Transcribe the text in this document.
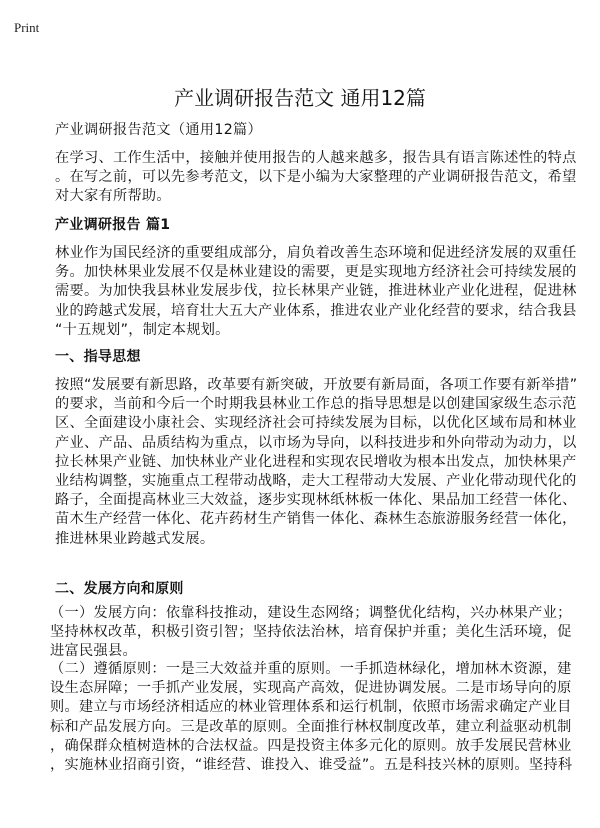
Print
产业调研报告范文 通用12篇
产业调研报告范文（通用12篇）
在学习、工作生活中，接触并使用报告的人越来越多，报告具有语言陈述性的特点
。在写之前，可以先参考范文，以下是小编为大家整理的产业调研报告范文，希望
对大家有所帮助。
产业调研报告 篇1
林业作为国民经济的重要组成部分，肩负着改善生态环境和促进经济发展的双重任
务。加快林果业发展不仅是林业建设的需要，更是实现地方经济社会可持续发展的
需要。为加快我县林业发展步伐，拉长林果产业链，推进林业产业化进程，促进林
业的跨越式发展，培育壮大五大产业体系，推进农业产业化经营的要求，结合我县
“十五规划”，制定本规划。
一、指导思想
按照“发展要有新思路，改革要有新突破，开放要有新局面，各项工作要有新举措”
的要求，当前和今后一个时期我县林业工作总的指导思想是以创建国家级生态示范
区、全面建设小康社会、实现经济社会可持续发展为目标，以优化区域布局和林业
产业、产品、品质结构为重点，以市场为导向，以科技进步和外向带动为动力，以
拉长林果产业链、加快林业产业化进程和实现农民增收为根本出发点，加快林果产
业结构调整，实施重点工程带动战略，走大工程带动大发展、产业化带动现代化的
路子，全面提高林业三大效益，逐步实现林纸林板一体化、果品加工经营一体化、
苗木生产经营一体化、花卉药材生产销售一体化、森林生态旅游服务经营一体化，
推进林果业跨越式发展。
二、发展方向和原则
（一）发展方向：依靠科技推动，建设生态网络；调整优化结构，兴办林果产业；
坚持林权改革，积极引资引智；坚持依法治林，培育保护并重；美化生活环境，促
进富民强县。
（二）遵循原则：一是三大效益并重的原则。一手抓造林绿化，增加林木资源，建
设生态屏障；一手抓产业发展，实现高产高效，促进协调发展。二是市场导向的原
则。建立与市场经济相适应的林业管理体系和运行机制，依照市场需求确定产业目
标和产品发展方向。三是改革的原则。全面推行林权制度改革，建立利益驱动机制
，确保群众植树造林的合法权益。四是投资主体多元化的原则。放手发展民营林业
，实施林业招商引资，“谁经营、谁投入、谁受益”。五是科技兴林的原则。坚持科
